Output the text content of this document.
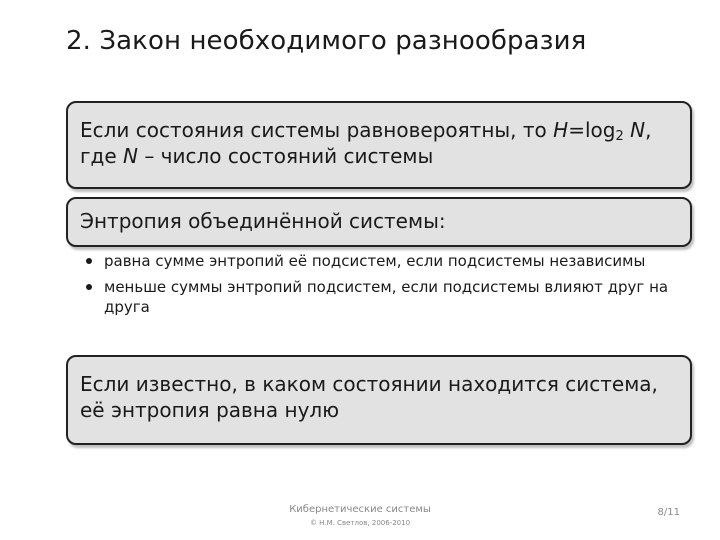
2. Закон необходимого разнообразия
Если состояния системы равновероятны, то $H=\log_2$ N,
где N – число состояний системы
Энтропия объединённой системы:
равна сумме энтропий её подсистем, если подсистемы независимы
меньше суммы энтропий подсистем, если подсистемы влияют друг на друга
Если известно, в каком состоянии находится система, её энтропия равна нулю
Кибернетические системы
© Н.М. Светлов, 2006-2010
8/11
